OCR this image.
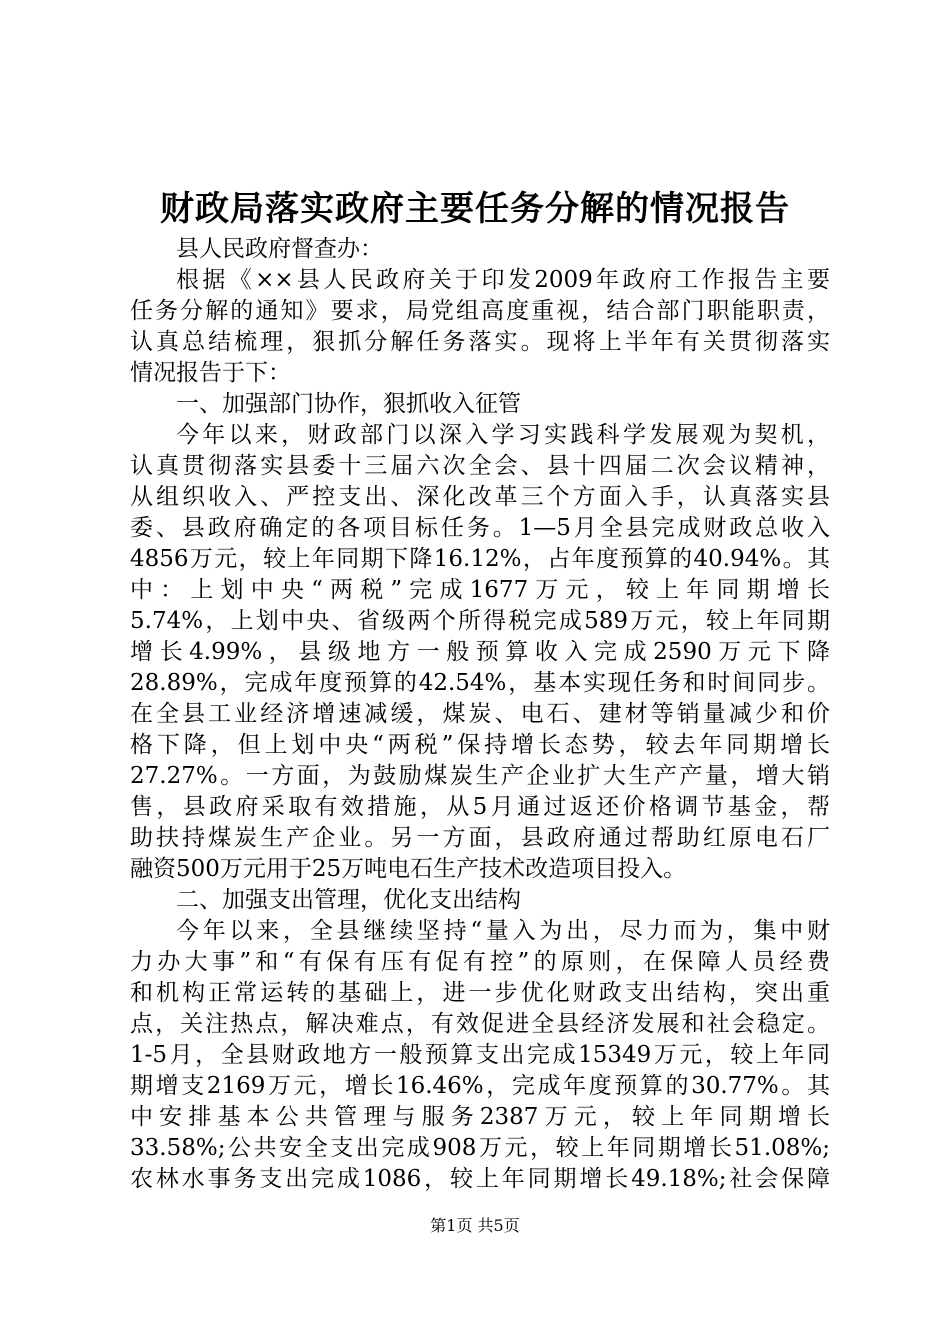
财政局落实政府主要任务分解的情况报告
县人民政府督查办：
根据《××县人民政府关于印发2009年政府工作报告主要
任务分解的通知》要求，局党组高度重视，结合部门职能职责，
认真总结梳理，狠抓分解任务落实。现将上半年有关贯彻落实
情况报告于下：
一、加强部门协作，狠抓收入征管
今年以来，财政部门以深入学习实践科学发展观为契机，
认真贯彻落实县委十三届六次全会、县十四届二次会议精神，
从组织收入、严控支出、深化改革三个方面入手，认真落实县
委、县政府确定的各项目标任务。1—5月全县完成财政总收入
4856万元，较上年同期下降16.12%，占年度预算的40.94%。其
中：上划中央“两税”完成1677万元，较上年同期增长
5.74%，上划中央、省级两个所得税完成589万元，较上年同期
增长4.99%，县级地方一般预算收入完成2590万元下降
28.89%，完成年度预算的42.54%，基本实现任务和时间同步。
在全县工业经济增速减缓，煤炭、电石、建材等销量减少和价
格下降，但上划中央“两税”保持增长态势，较去年同期增长
27.27%。一方面，为鼓励煤炭生产企业扩大生产产量，增大销
售，县政府采取有效措施，从5月通过返还价格调节基金，帮
助扶持煤炭生产企业。另一方面，县政府通过帮助红原电石厂
融资500万元用于25万吨电石生产技术改造项目投入。
二、加强支出管理，优化支出结构
今年以来，全县继续坚持“量入为出，尽力而为，集中财
力办大事”和“有保有压有促有控”的原则，在保障人员经费
和机构正常运转的基础上，进一步优化财政支出结构，突出重
点，关注热点，解决难点，有效促进全县经济发展和社会稳定。
1-5月，全县财政地方一般预算支出完成15349万元，较上年同
期增支2169万元，增长16.46%，完成年度预算的30.77%。其
中安排基本公共管理与服务2387万元，较上年同期增长
33.58%;公共安全支出完成908万元，较上年同期增长51.08%;
农林水事务支出完成1086，较上年同期增长49.18%;社会保障
第1页 共5页
